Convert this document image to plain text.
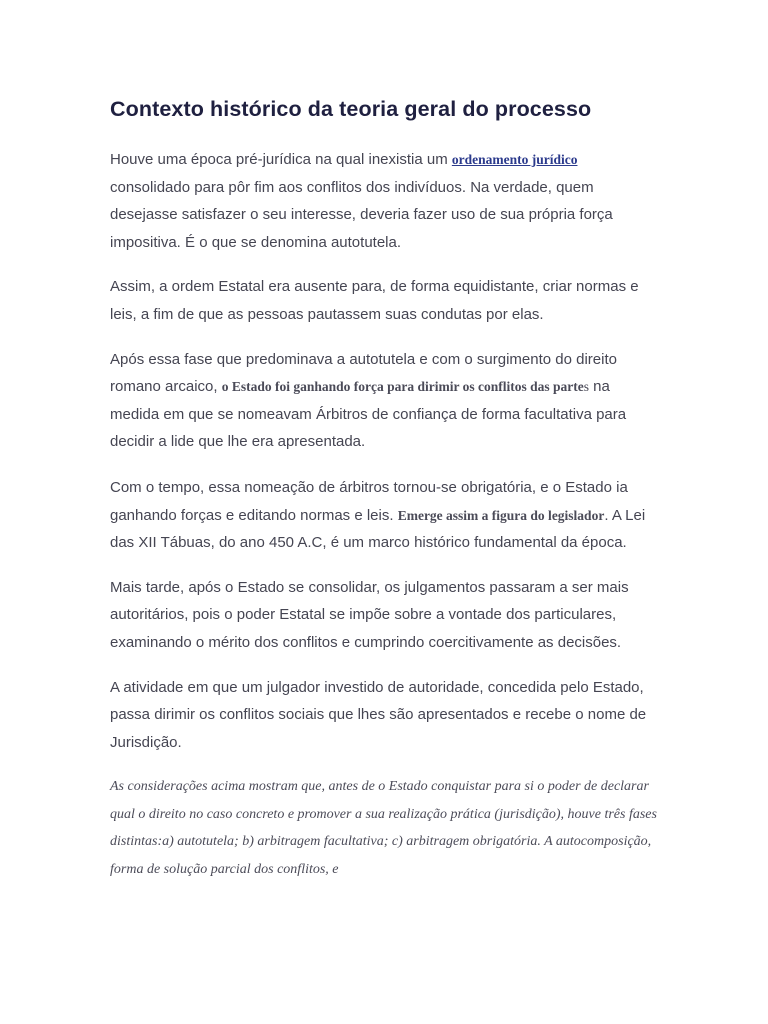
Contexto histórico da teoria geral do processo

Houve uma época pré-jurídica na qual inexistia um ordenamento jurídico consolidado para pôr fim aos conflitos dos indivíduos. Na verdade, quem desejasse satisfazer o seu interesse, deveria fazer uso de sua própria força impositiva. É o que se denomina autotutela.

Assim, a ordem Estatal era ausente para, de forma equidistante, criar normas e leis, a fim de que as pessoas pautassem suas condutas por elas.

Após essa fase que predominava a autotutela e com o surgimento do direito romano arcaico, o Estado foi ganhando força para dirimir os conflitos das partes na medida em que se nomeavam Árbitros de confiança de forma facultativa para decidir a lide que lhe era apresentada.

Com o tempo, essa nomeação de árbitros tornou-se obrigatória, e o Estado ia ganhando forças e editando normas e leis. Emerge assim a figura do legislador. A Lei das XII Tábuas, do ano 450 A.C, é um marco histórico fundamental da época.

Mais tarde, após o Estado se consolidar, os julgamentos passaram a ser mais autoritários, pois o poder Estatal se impõe sobre a vontade dos particulares, examinando o mérito dos conflitos e cumprindo coercitivamente as decisões.

A atividade em que um julgador investido de autoridade, concedida pelo Estado, passa dirimir os conflitos sociais que lhes são apresentados e recebe o nome de Jurisdição.

As considerações acima mostram que, antes de o Estado conquistar para si o poder de declarar qual o direito no caso concreto e promover a sua realização prática (jurisdição), houve três fases distintas:a) autotutela; b) arbitragem facultativa; c) arbitragem obrigatória. A autocomposição, forma de solução parcial dos conflitos, e
